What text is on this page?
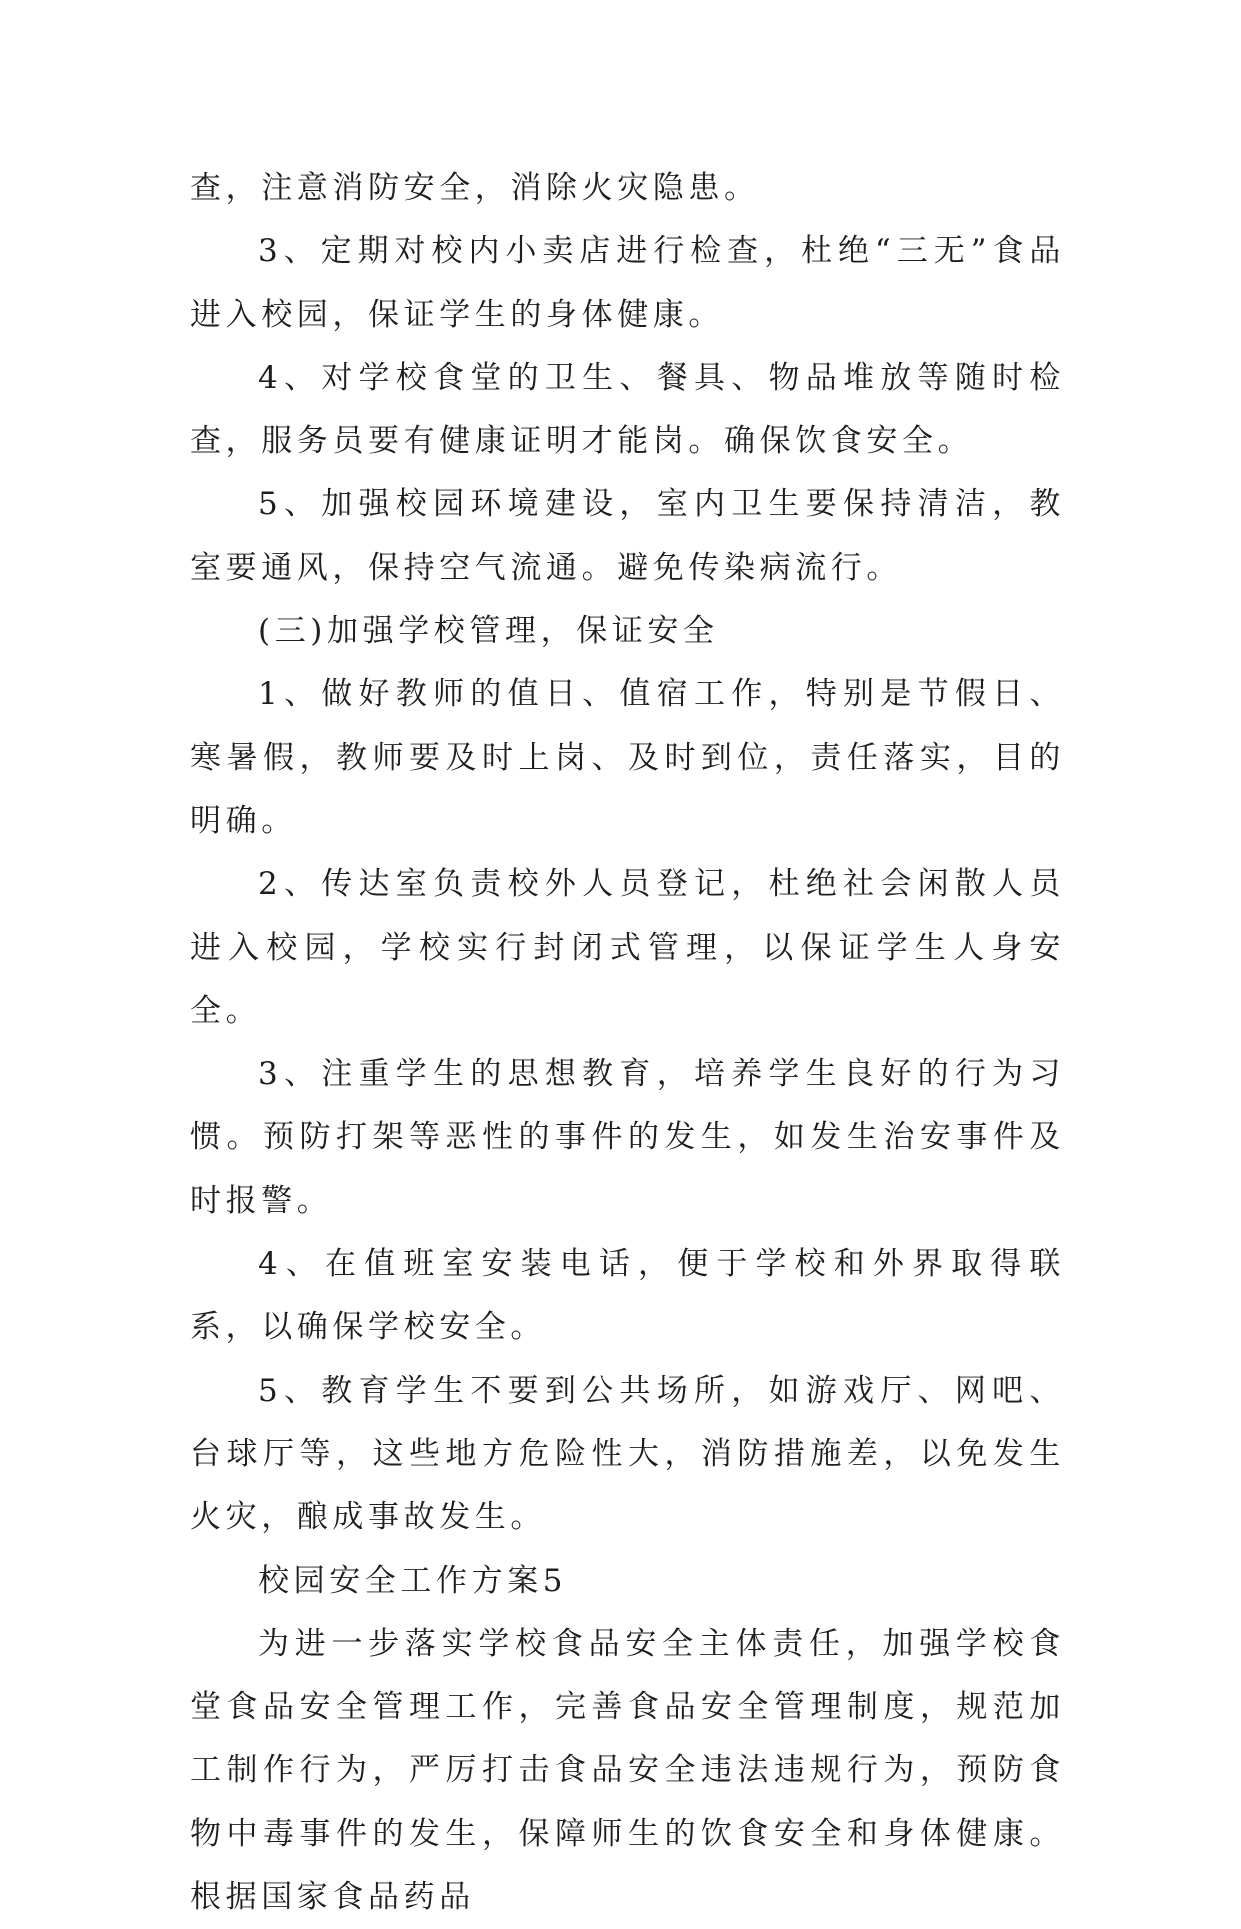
查，注意消防安全，消除火灾隐患。

3、定期对校内小卖店进行检查，杜绝“三无”食品进入校园，保证学生的身体健康。

4、对学校食堂的卫生、餐具、物品堆放等随时检查，服务员要有健康证明才能岗。确保饮食安全。

5、加强校园环境建设，室内卫生要保持清洁，教室要通风，保持空气流通。避免传染病流行。

(三)加强学校管理，保证安全

1、做好教师的值日、值宿工作，特别是节假日、寒暑假，教师要及时上岗、及时到位，责任落实，目的明确。

2、传达室负责校外人员登记，杜绝社会闲散人员进入校园，学校实行封闭式管理，以保证学生人身安全。

3、注重学生的思想教育，培养学生良好的行为习惯。预防打架等恶性的事件的发生，如发生治安事件及时报警。

4、在值班室安装电话，便于学校和外界取得联系，以确保学校安全。

5、教育学生不要到公共场所，如游戏厅、网吧、台球厅等，这些地方危险性大，消防措施差，以免发生火灾，酿成事故发生。

校园安全工作方案5

为进一步落实学校食品安全主体责任，加强学校食堂食品安全管理工作，完善食品安全管理制度，规范加工制作行为，严厉打击食品安全违法违规行为，预防食物中毒事件的发生，保障师生的饮食安全和身体健康。根据国家食品药品
